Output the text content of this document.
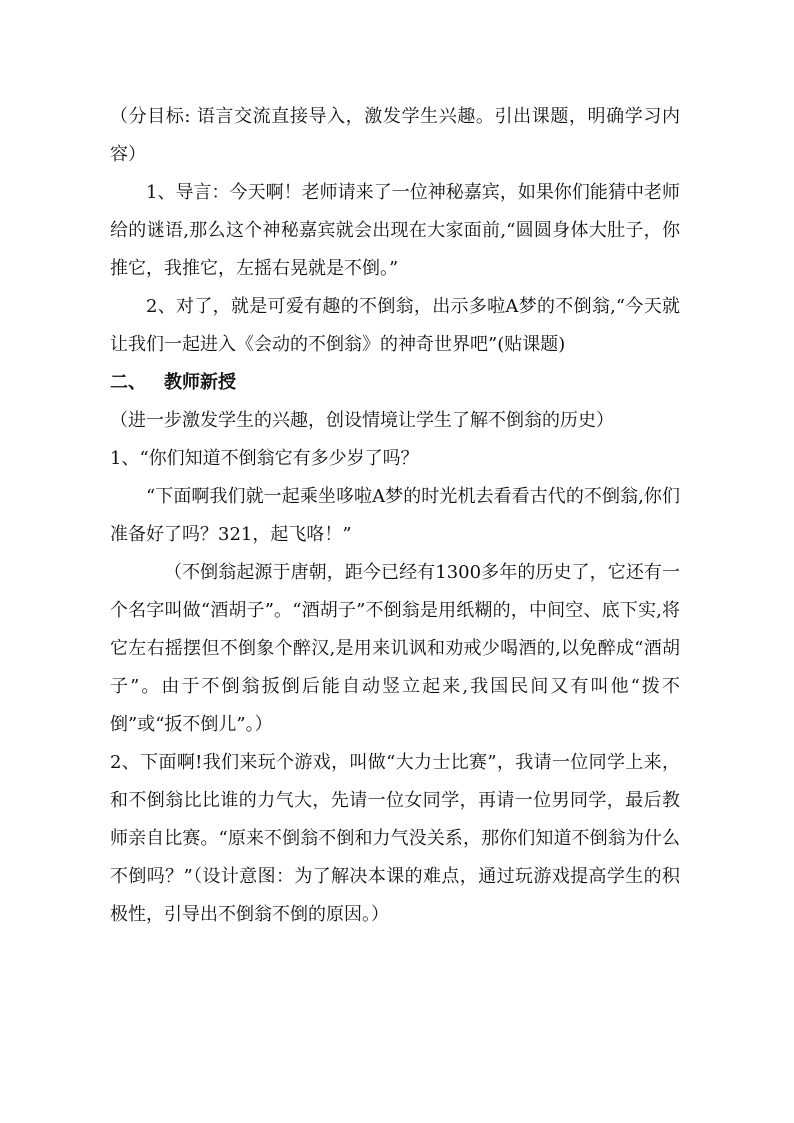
（分目标: 语言交流直接导入，激发学生兴趣。引出课题，明确学习内容）

1、导言：今天啊！老师请来了一位神秘嘉宾，如果你们能猜中老师给的谜语,那么这个神秘嘉宾就会出现在大家面前,“圆圆身体大肚子，你推它，我推它，左摇右晃就是不倒。”

2、对了，就是可爱有趣的不倒翁，出示多啦A梦的不倒翁,“今天就让我们一起进入《会动的不倒翁》的神奇世界吧”(贴课题)

二、 教师新授

（进一步激发学生的兴趣，创设情境让学生了解不倒翁的历史）

1、“你们知道不倒翁它有多少岁了吗？

“下面啊我们就一起乘坐哆啦A梦的时光机去看看古代的不倒翁,你们准备好了吗？321，起飞咯！”

（不倒翁起源于唐朝，距今已经有1300多年的历史了，它还有一个名字叫做“酒胡子”。“酒胡子”不倒翁是用纸糊的，中间空、底下实,将它左右摇摆但不倒象个醉汉,是用来讥讽和劝戒少喝酒的,以免醉成“酒胡子”。由于不倒翁扳倒后能自动竖立起来,我国民间又有叫他“拨不倒”或“扳不倒儿”。）

2、下面啊!我们来玩个游戏，叫做“大力士比赛”，我请一位同学上来，和不倒翁比比谁的力气大，先请一位女同学，再请一位男同学，最后教师亲自比赛。“原来不倒翁不倒和力气没关系，那你们知道不倒翁为什么不倒吗？”（设计意图：为了解决本课的难点，通过玩游戏提高学生的积极性，引导出不倒翁不倒的原因。）
